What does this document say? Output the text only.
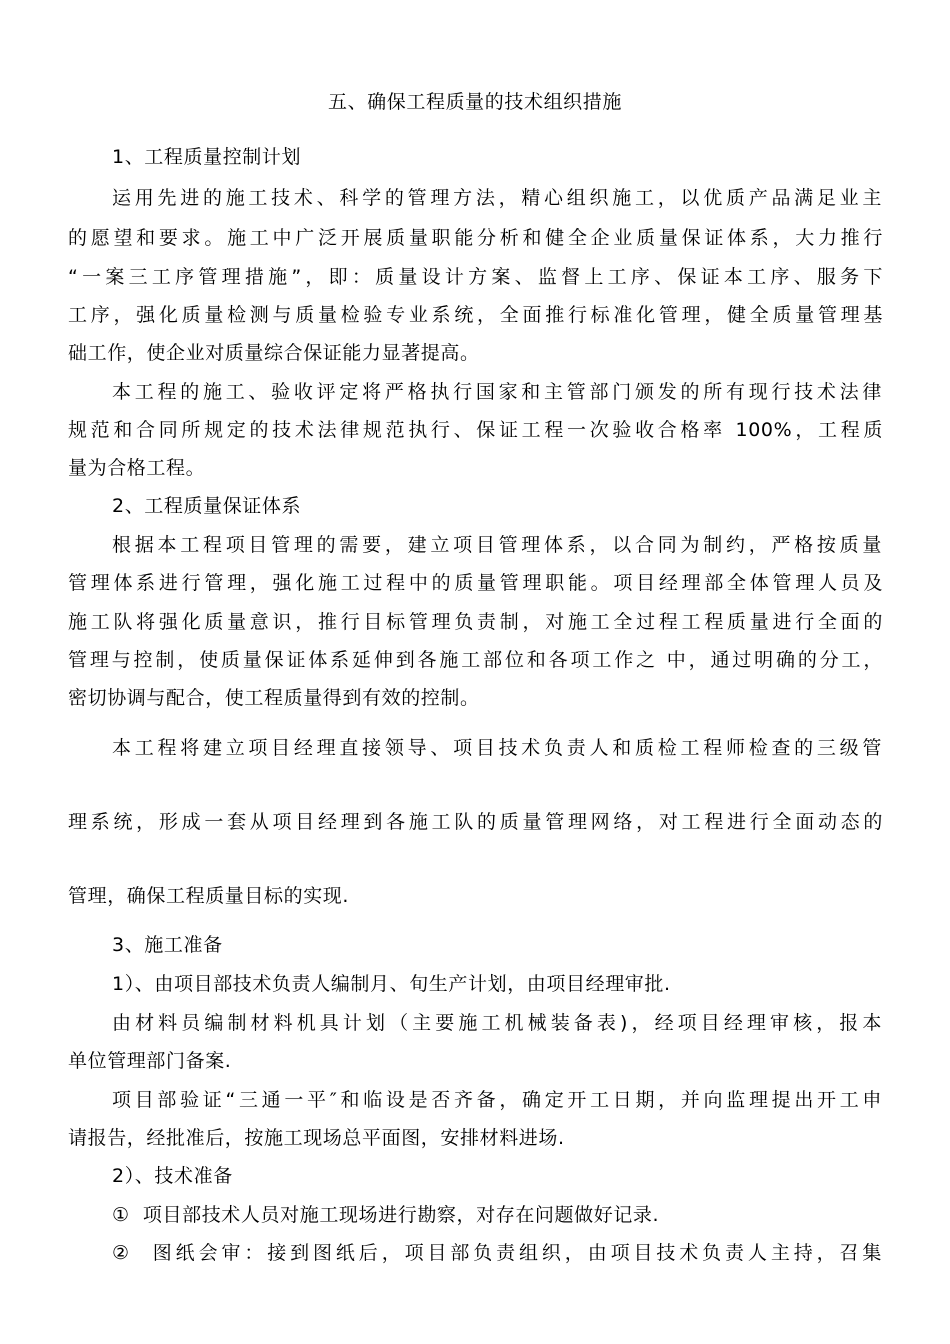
五、确保工程质量的技术组织措施
1、工程质量控制计划
运用先进的施工技术、科学的管理方法，精心组织施工，以优质产品满足业主
的愿望和要求。施工中广泛开展质量职能分析和健全企业质量保证体系，大力推行
“一案三工序管理措施”，即：质量设计方案、监督上工序、保证本工序、服务下
工序，强化质量检测与质量检验专业系统，全面推行标准化管理，健全质量管理基
础工作，使企业对质量综合保证能力显著提高。
本工程的施工、验收评定将严格执行国家和主管部门颁发的所有现行技术法律
规范和合同所规定的技术法律规范执行、保证工程一次验收合格率 100%，工程质
量为合格工程。
2、工程质量保证体系
根据本工程项目管理的需要，建立项目管理体系，以合同为制约，严格按质量
管理体系进行管理，强化施工过程中的质量管理职能。项目经理部全体管理人员及
施工队将强化质量意识，推行目标管理负责制，对施工全过程工程质量进行全面的
管理与控制，使质量保证体系延伸到各施工部位和各项工作之 中，通过明确的分工，
密切协调与配合，使工程质量得到有效的控制。
本工程将建立项目经理直接领导、项目技术负责人和质检工程师检查的三级管
理系统，形成一套从项目经理到各施工队的质量管理网络，对工程进行全面动态的
管理，确保工程质量目标的实现.
3、施工准备
1）、由项目部技术负责人编制月、旬生产计划，由项目经理审批.
由材料员编制材料机具计划（主要施工机械装备表)，经项目经理审核，报本
单位管理部门备案.
项目部验证“三通一平″和临设是否齐备，确定开工日期，并向监理提出开工申
请报告，经批准后，按施工现场总平面图，安排材料进场.
2）、技术准备
①  项目部技术人员对施工现场进行勘察，对存在问题做好记录.
②  图纸会审：接到图纸后，项目部负责组织，由项目技术负责人主持，召集
